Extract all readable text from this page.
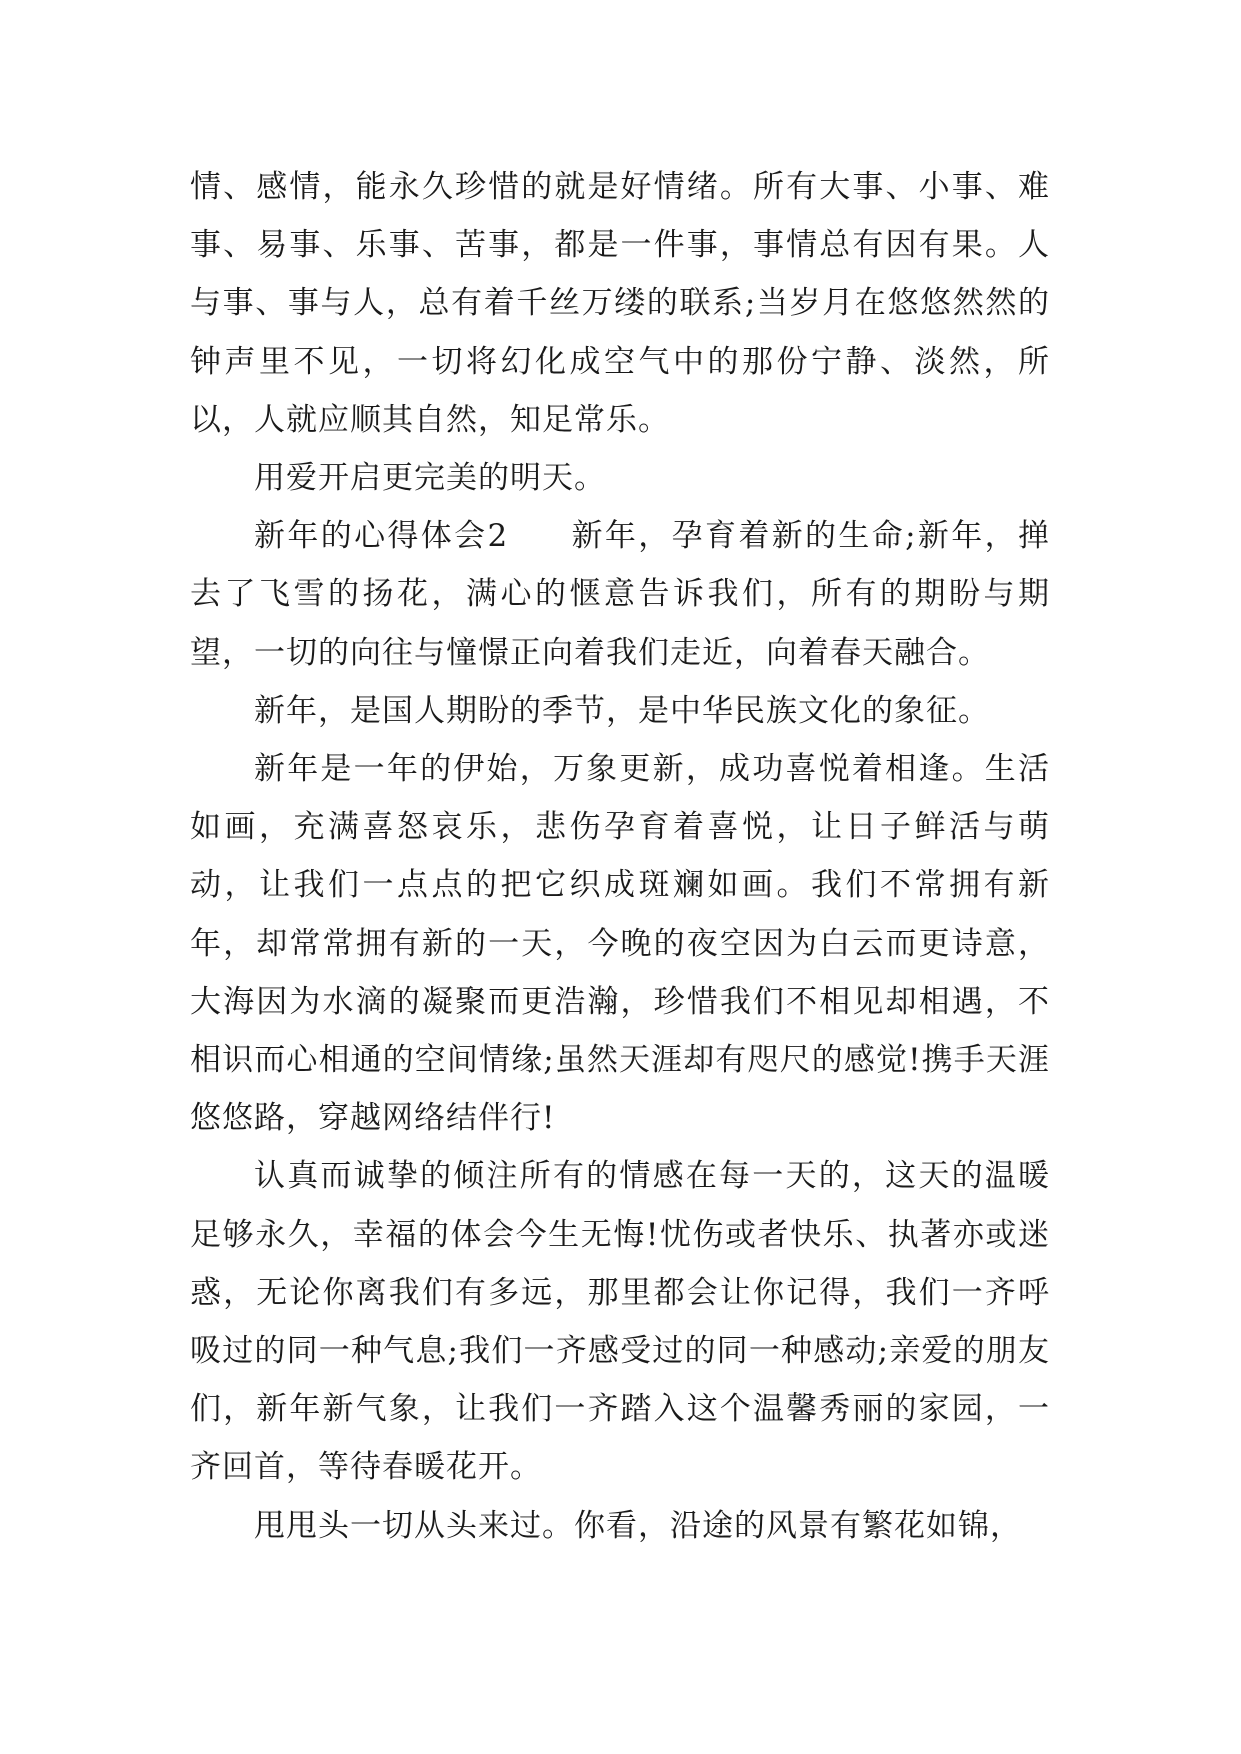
情、感情，能永久珍惜的就是好情绪。所有大事、小事、难事、易事、乐事、苦事，都是一件事，事情总有因有果。人与事、事与人，总有着千丝万缕的联系;当岁月在悠悠然然的钟声里不见，一切将幻化成空气中的那份宁静、淡然，所以，人就应顺其自然，知足常乐。

用爱开启更完美的明天。

新年的心得体会2 新年，孕育着新的生命;新年，掸去了飞雪的扬花，满心的惬意告诉我们，所有的期盼与期望，一切的向往与憧憬正向着我们走近，向着春天融合。

新年，是国人期盼的季节，是中华民族文化的象征。

新年是一年的伊始，万象更新，成功喜悦着相逢。生活如画，充满喜怒哀乐，悲伤孕育着喜悦，让日子鲜活与萌动，让我们一点点的把它织成斑斓如画。我们不常拥有新年，却常常拥有新的一天，今晚的夜空因为白云而更诗意，大海因为水滴的凝聚而更浩瀚，珍惜我们不相见却相遇，不相识而心相通的空间情缘;虽然天涯却有咫尺的感觉!携手天涯悠悠路，穿越网络结伴行!

认真而诚挚的倾注所有的情感在每一天的，这天的温暖足够永久，幸福的体会今生无悔!忧伤或者快乐、执著亦或迷惑，无论你离我们有多远，那里都会让你记得，我们一齐呼吸过的同一种气息;我们一齐感受过的同一种感动;亲爱的朋友们，新年新气象，让我们一齐踏入这个温馨秀丽的家园，一齐回首，等待春暖花开。

甩甩头一切从头来过。你看，沿途的风景有繁花如锦，
